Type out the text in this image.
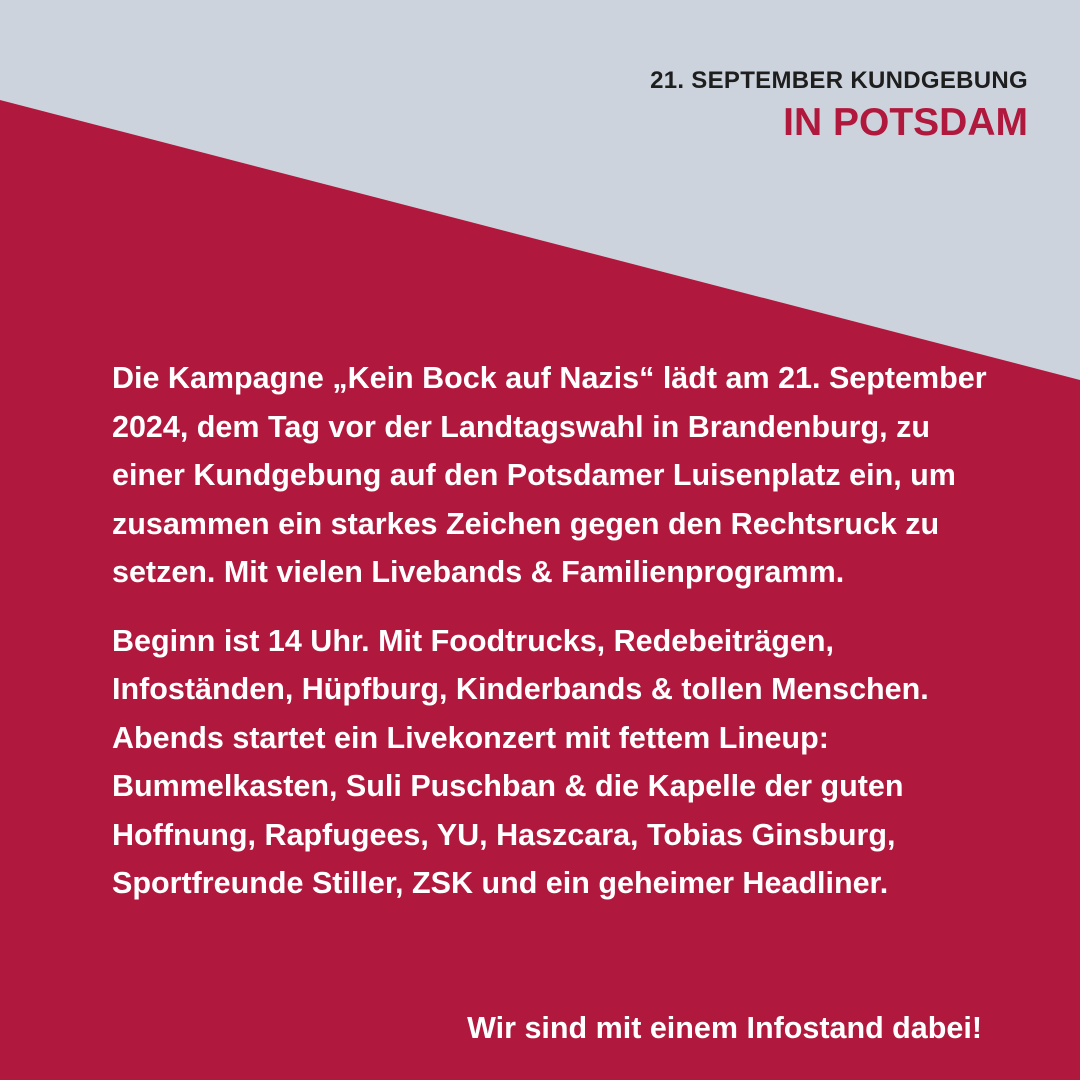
21. SEPTEMBER KUNDGEBUNG
IN POTSDAM

Die Kampagne „Kein Bock auf Nazis“ lädt am 21. September 2024, dem Tag vor der Landtagswahl in Brandenburg, zu einer Kundgebung auf den Potsdamer Luisenplatz ein, um zusammen ein starkes Zeichen gegen den Rechtsruck zu setzen. Mit vielen Livebands & Familienprogramm.

Beginn ist 14 Uhr. Mit Foodtrucks, Redebeiträgen, Infoständen, Hüpfburg, Kinderbands & tollen Menschen. Abends startet ein Livekonzert mit fettem Lineup: Bummelkasten, Suli Puschban & die Kapelle der guten Hoffnung, Rapfugees, YU, Haszcara, Tobias Ginsburg, Sportfreunde Stiller, ZSK und ein geheimer Headliner.

Wir sind mit einem Infostand dabei!
